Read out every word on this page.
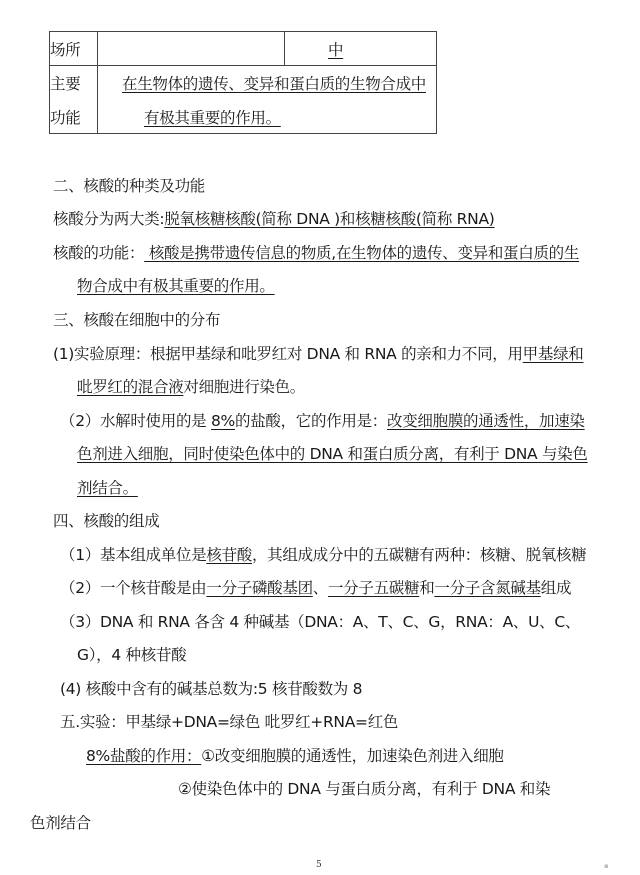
场所	中
主要
功能
在生物体的遗传、变异和蛋白质的生物合成中
有极其重要的作用。
二、核酸的种类及功能
核酸分为两大类:脱氧核糖核酸(简称 DNA )和核糖核酸(简称 RNA)
核酸的功能： 核酸是携带遗传信息的物质,在生物体的遗传、变异和蛋白质的生
物合成中有极其重要的作用。
三、核酸在细胞中的分布
(1)实验原理：根据甲基绿和吡罗红对 DNA 和 RNA 的亲和力不同，用甲基绿和
吡罗红的混合液对细胞进行染色。
（2）水解时使用的是 8%的盐酸，它的作用是：改变细胞膜的通透性，加速染
色剂进入细胞，同时使染色体中的 DNA 和蛋白质分离，有利于 DNA 与染色
剂结合。
四、核酸的组成
（1）基本组成单位是核苷酸，其组成成分中的五碳糖有两种：核糖、脱氧核糖
（2）一个核苷酸是由一分子磷酸基团、一分子五碳糖和一分子含氮碱基组成
（3）DNA 和 RNA 各含 4 种碱基（DNA：A、T、C、G，RNA：A、U、C、
G），4 种核苷酸
(4) 核酸中含有的碱基总数为:5 核苷酸数为 8
五.实验：甲基绿+DNA=绿色 吡罗红+RNA=红色
8%盐酸的作用：①改变细胞膜的通透性，加速染色剂进入细胞
②使染色体中的 DNA 与蛋白质分离，有利于 DNA 和染
色剂结合
5	▪
